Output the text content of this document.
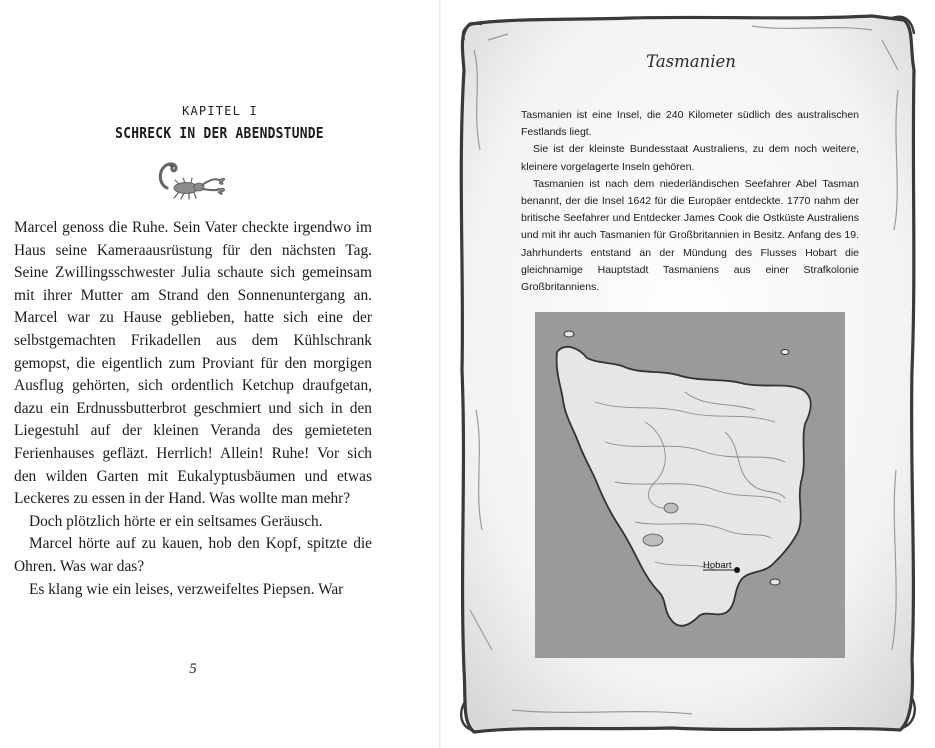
KAPITEL I
SCHRECK IN DER ABENDSTUNDE

Marcel genoss die Ruhe. Sein Vater checkte irgendwo im Haus seine Kameraausrüstung für den nächsten Tag. Seine Zwillingsschwester Julia schaute sich gemeinsam mit ihrer Mutter am Strand den Sonnenuntergang an. Marcel war zu Hause geblieben, hatte sich eine der selbstgemachten Frikadellen aus dem Kühlschrank gemopst, die eigentlich zum Proviant für den morgigen Ausflug gehörten, sich ordentlich Ketchup draufgetan, dazu ein Erdnussbutterbrot geschmiert und sich in den Liegestuhl auf der kleinen Veranda des gemieteten Ferienhauses gefläzt. Herrlich! Allein! Ruhe! Vor sich den wilden Garten mit Eukalyptusbäumen und etwas Leckeres zu essen in der Hand. Was wollte man mehr?

Doch plötzlich hörte er ein seltsames Geräusch.

Marcel hörte auf zu kauen, hob den Kopf, spitzte die Ohren. Was war das?

Es klang wie ein leises, verzweifeltes Piepsen. War

5
Tasmanien

Tasmanien ist eine Insel, die 240 Kilometer südlich des australischen Festlands liegt.

Sie ist der kleinste Bundesstaat Australiens, zu dem noch weitere, kleinere vorgelagerte Inseln gehören.

Tasmanien ist nach dem niederländischen Seefahrer Abel Tasman benannt, der die Insel 1642 für die Europäer entdeckte. 1770 nahm der britische Seefahrer und Entdecker James Cook die Ostküste Australiens und mit ihr auch Tasmanien für Großbritannien in Besitz. Anfang des 19. Jahrhunderts entstand an der Mündung des Flusses Hobart die gleichnamige Hauptstadt Tasmaniens aus einer Strafkolonie Großbritanniens.

Hobart
